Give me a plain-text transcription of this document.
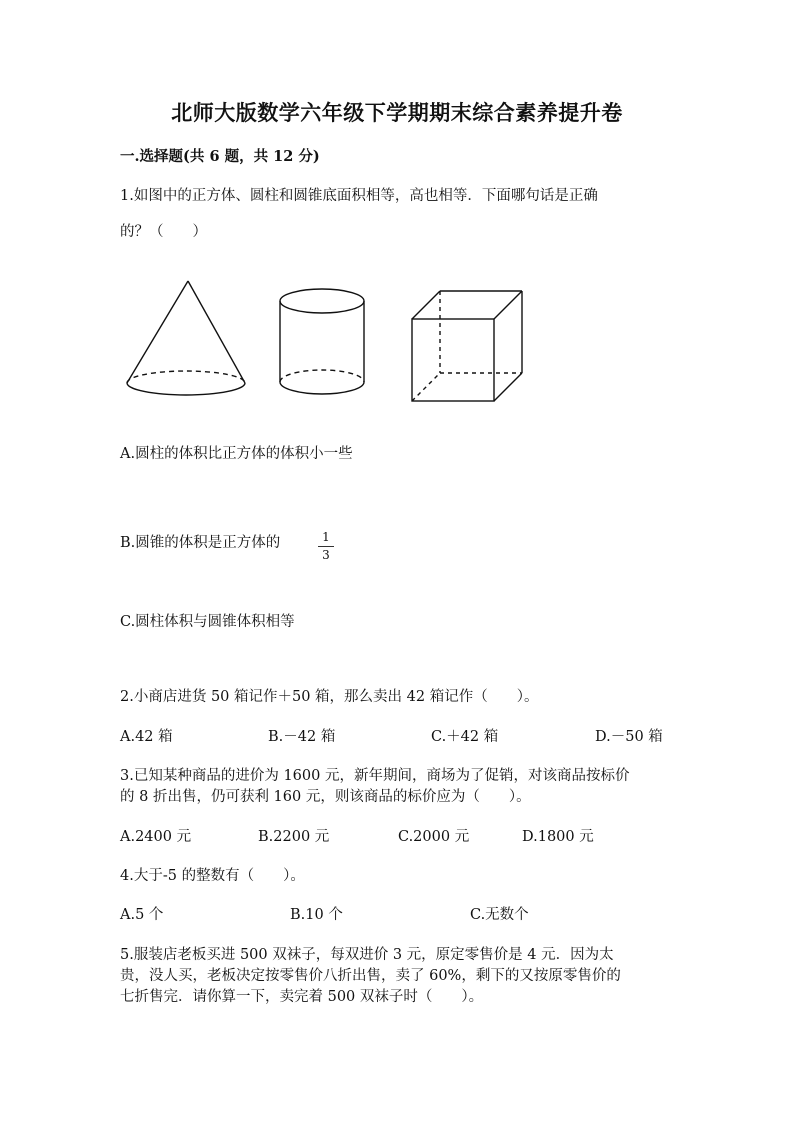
北师大版数学六年级下学期期末综合素养提升卷
一.选择题(共 6 题，共 12 分)
1.如图中的正方体、圆柱和圆锥底面积相等，高也相等．下面哪句话是正确
的？（　　）
A.圆柱的体积比正方体的体积小一些
B.圆锥的体积是正方体的	1
3
C.圆柱体积与圆锥体积相等
2.小商店进货 50 箱记作＋50 箱，那么卖出 42 箱记作（　　）。
A.42 箱	B.－42 箱	C.＋42 箱	D.－50 箱
3.已知某种商品的进价为 1600 元，新年期间，商场为了促销，对该商品按标价
的 8 折出售，仍可获利 160 元，则该商品的标价应为（　　）。
A.2400 元	B.2200 元	C.2000 元	D.1800 元
4.大于-5 的整数有（　　）。
A.5 个	B.10 个	C.无数个
5.服装店老板买进 500 双袜子，每双进价 3 元，原定零售价是 4 元．因为太
贵，没人买，老板决定按零售价八折出售，卖了 60%，剩下的又按原零售价的
七折售完．请你算一下，卖完着 500 双袜子时（　　）。
